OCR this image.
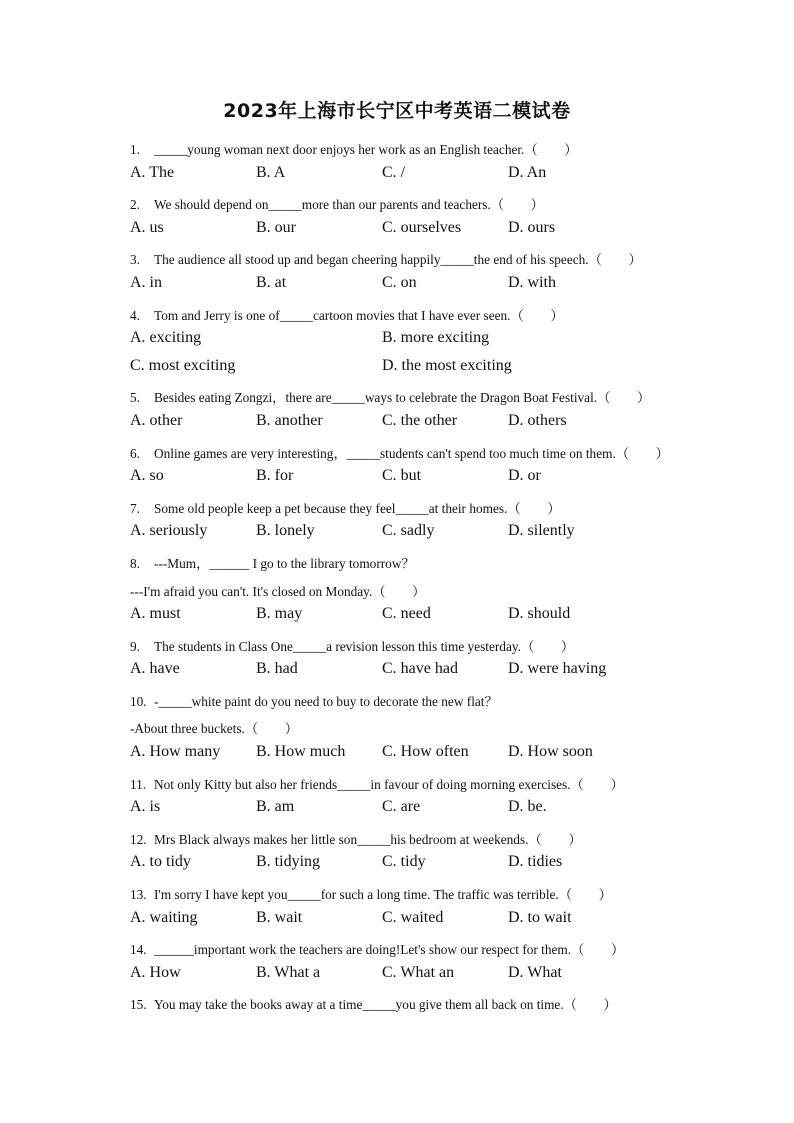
2023年上海市长宁区中考英语二模试卷
1. _____young woman next door enjoys her work as an English teacher.（　　）
A. The	B. A	C. /	D. An
2. We should depend on_____more than our parents and teachers.（　　）
A. us	B. our	C. ourselves	D. ours
3. The audience all stood up and began cheering happily_____the end of his speech.（　　）
A. in	B. at	C. on	D. with
4. Tom and Jerry is one of_____cartoon movies that I have ever seen.（　　）
A. exciting	B. more exciting
C. most exciting	D. the most exciting
5. Besides eating Zongzi，there are_____ways to celebrate the Dragon Boat Festival.（　　）
A. other	B. another	C. the other	D. others
6. Online games are very interesting，_____students can't spend too much time on them.（　　）
A. so	B. for	C. but	D. or
7. Some old people keep a pet because they feel_____at their homes.（　　）
A. seriously	B. lonely	C. sadly	D. silently
8. ---Mum，______ I go to the library tomorrow？
---I'm afraid you can't. It's closed on Monday.（　　）
A. must	B. may	C. need	D. should
9. The students in Class One_____a revision lesson this time yesterday.（　　）
A. have	B. had	C. have had	D. were having
10. -_____white paint do you need to buy to decorate the new flat？
-About three buckets.（　　）
A. How many B. How much C. How often D. How soon
11. Not only Kitty but also her friends_____in favour of doing morning exercises.（　　）
A. is	B. am	C. are	D. be.
12. Mrs Black always makes her little son_____his bedroom at weekends.（　　）
A. to tidy	B. tidying	C. tidy	D. tidies
13. I'm sorry I have kept you_____for such a long time. The traffic was terrible.（　　）
A. waiting	B. wait	C. waited	D. to wait
14. ______important work the teachers are doing!Let's show our respect for them.（　　）
A. How	B. What a	C. What an	D. What
15. You may take the books away at a time_____you give them all back on time.（　　）
